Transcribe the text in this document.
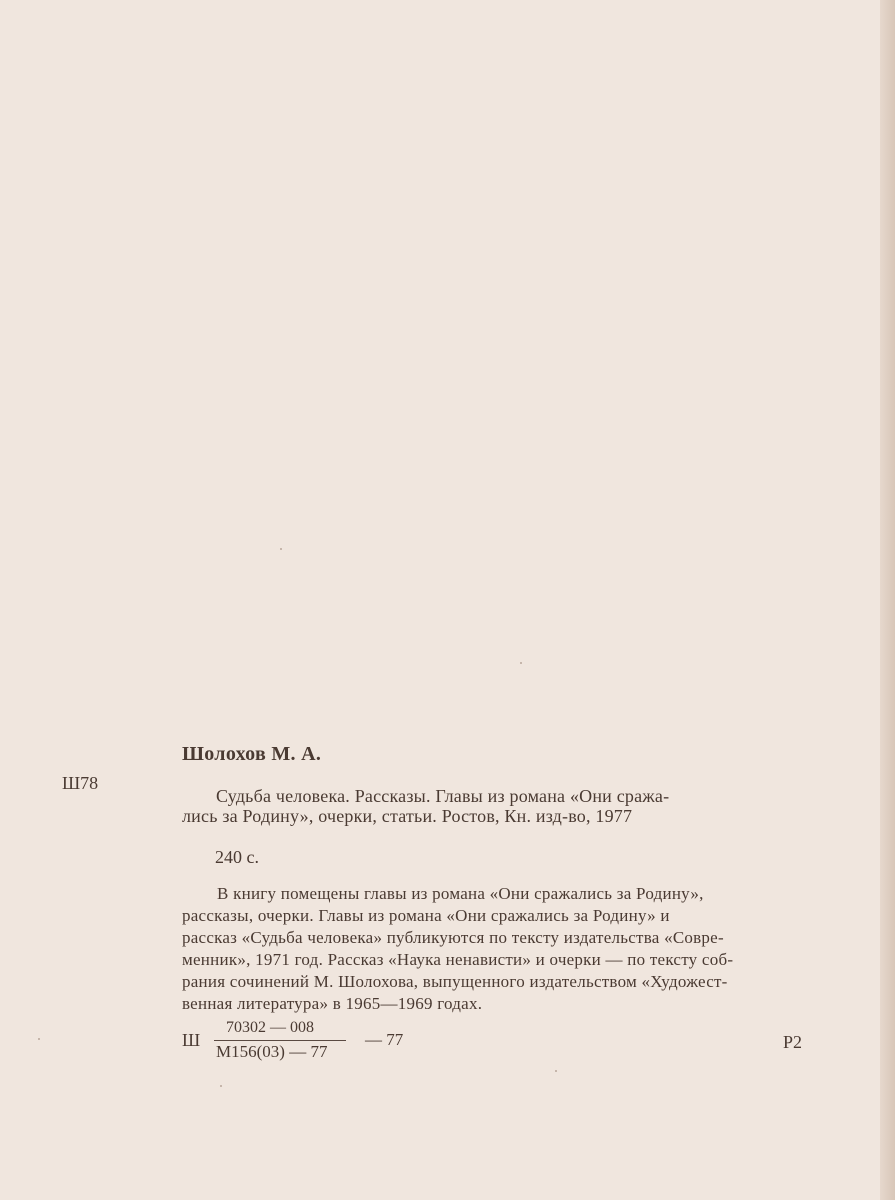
Шолохов М. А.
Ш78
Судьба человека. Рассказы. Главы из романа «Они сража-
лись за Родину», очерки, статьи. Ростов, Кн. изд-во, 1977
240 с.
В книгу помещены главы из романа «Они сражались за Родину»,
рассказы, очерки. Главы из романа «Они сражались за Родину» и
рассказ «Судьба человека» публикуются по тексту издательства «Совре-
менник», 1971 год. Рассказ «Наука ненависти» и очерки — по тексту соб-
рания сочинений М. Шолохова, выпущенного издательством «Художест-
венная литература» в 1965—1969 годах.
Ш
70302 — 008
М156(03) — 77
— 77	Р2
